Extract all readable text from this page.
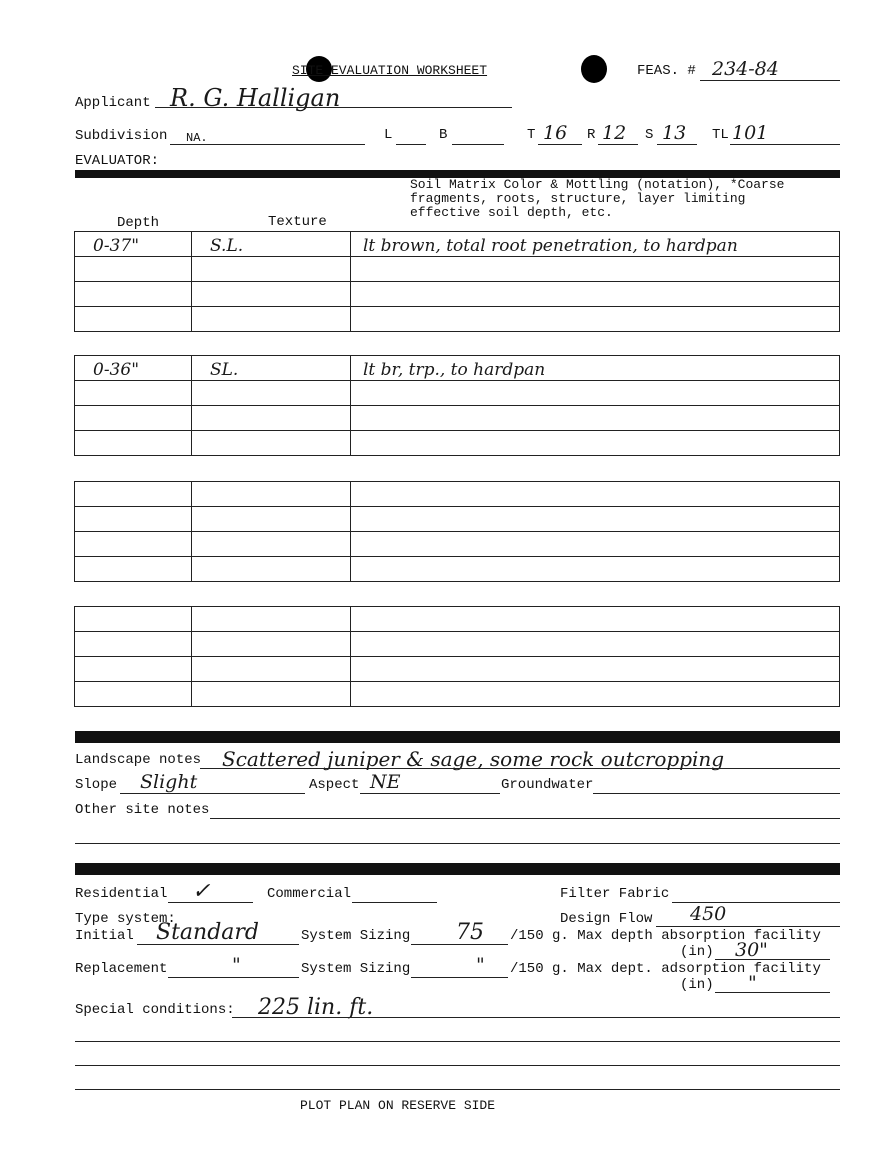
SITE EVALUATION WORKSHEET	FEAS. # 234-84
Applicant R. G. Halligan
Subdivision NA.	L	B	T 16 R 12 S 13 TL 101
EVALUATOR:
Soil Matrix Color & Mottling (notation), *Coarse fragments, roots, structure, layer limiting effective soil depth, etc.
Depth	Texture
0-37"	S.L.	lt brown, total root penetration, to hardpan

0-36"	SL.	lt br, trp., to hardpan

Landscape notes Scattered juniper & sage, some rock outcropping
Slope Slight	Aspect NE	Groundwater
Other site notes
Residential ✓	Commercial	Filter Fabric
Type system:	Design Flow 450
Initial Standard	System Sizing 75 /150 g. Max depth absorption facility
(in) 30"
Replacement	"	System Sizing	" /150 g. Max dept. adsorption facility
(in) "
Special conditions: 225 lin. ft.
PLOT PLAN ON RESERVE SIDE
